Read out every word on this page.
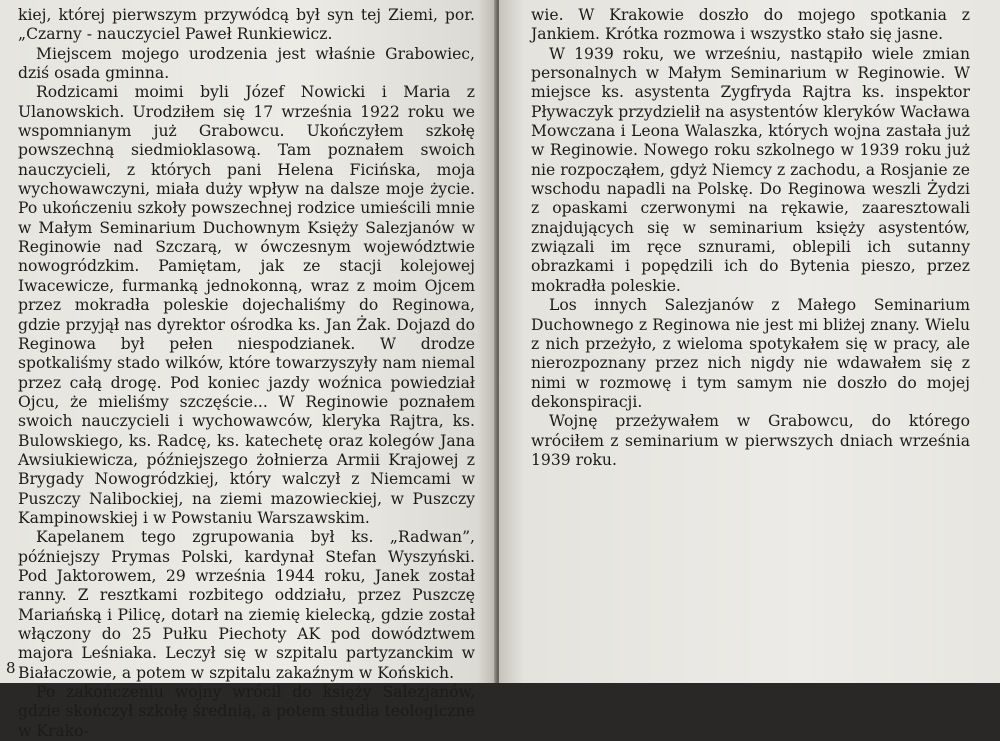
kiej, której pierwszym przywódcą był syn tej Ziemi, por. „Czarny - nauczyciel Paweł Runkiewicz.

Miejscem mojego urodzenia jest właśnie Grabowiec, dziś osada gminna.

Rodzicami moimi byli Józef Nowicki i Maria z Ulanowskich. Urodziłem się 17 września 1922 roku we wspomnianym już Grabowcu. Ukończyłem szkołę powszechną siedmioklasową. Tam poznałem swoich nauczycieli, z których pani Helena Ficińska, moja wychowawczyni, miała duży wpływ na dalsze moje życie. Po ukończeniu szkoły powszechnej rodzice umieścili mnie w Małym Seminarium Duchownym Księży Salezjanów w Reginowie nad Szczarą, w ówczesnym województwie nowogródzkim. Pamiętam, jak ze stacji kolejowej Iwacewicze, furmanką jednokonną, wraz z moim Ojcem przez mokradła poleskie dojechaliśmy do Reginowa, gdzie przyjął nas dyrektor ośrodka ks. Jan Żak. Dojazd do Reginowa był pełen niespodzianek. W drodze spotkaliśmy stado wilków, które towarzyszyły nam niemal przez całą drogę. Pod koniec jazdy woźnica powiedział Ojcu, że mieliśmy szczęście... W Reginowie poznałem swoich nauczycieli i wychowawców, kleryka Rajtra, ks. Bulowskiego, ks. Radcę, ks. katechetę oraz kolegów Jana Awsiukiewicza, późniejszego żołnierza Armii Krajowej z Brygady Nowogródzkiej, który walczył z Niemcami w Puszczy Nalibockiej, na ziemi mazowieckiej, w Puszczy Kampinowskiej i w Powstaniu Warszawskim.

Kapelanem tego zgrupowania był ks. „Radwan”, późniejszy Prymas Polski, kardynał Stefan Wyszyński. Pod Jaktorowem, 29 września 1944 roku, Janek został ranny. Z resztkami rozbitego oddziału, przez Puszczę Mariańską i Pilicę, dotarł na ziemię kielecką, gdzie został włączony do 25 Pułku Piechoty AK pod dowództwem majora Leśniaka. Leczył się w szpitalu partyzanckim w Białaczowie, a potem w szpitalu zakaźnym w Końskich.

Po zakończeniu wojny wrócił do księży Salezjanów, gdzie skończył szkołę średnią, a potem studia teologiczne w Krako-

8

wie. W Krakowie doszło do mojego spotkania z Jankiem. Krótka rozmowa i wszystko stało się jasne.

W 1939 roku, we wrześniu, nastąpiło wiele zmian personalnych w Małym Seminarium w Reginowie. W miejsce ks. asystenta Zygfryda Rajtra ks. inspektor Pływaczyk przydzielił na asystentów kleryków Wacława Mowczana i Leona Walaszka, których wojna zastała już w Reginowie. Nowego roku szkolnego w 1939 roku już nie rozpocząłem, gdyż Niemcy z zachodu, a Rosjanie ze wschodu napadli na Polskę. Do Reginowa weszli Żydzi z opaskami czerwonymi na rękawie, zaaresztowali znajdujących się w seminarium księży asystentów, związali im ręce sznurami, oblepili ich sutanny obrazkami i popędzili ich do Bytenia pieszo, przez mokradła poleskie.

Los innych Salezjanów z Małego Seminarium Duchownego z Reginowa nie jest mi bliżej znany. Wielu z nich przeżyło, z wieloma spotykałem się w pracy, ale nierozpoznany przez nich nigdy nie wdawałem się z nimi w rozmowę i tym samym nie doszło do mojej dekonspiracji.

Wojnę przeżywałem w Grabowcu, do którego wróciłem z seminarium w pierwszych dniach września 1939 roku.
